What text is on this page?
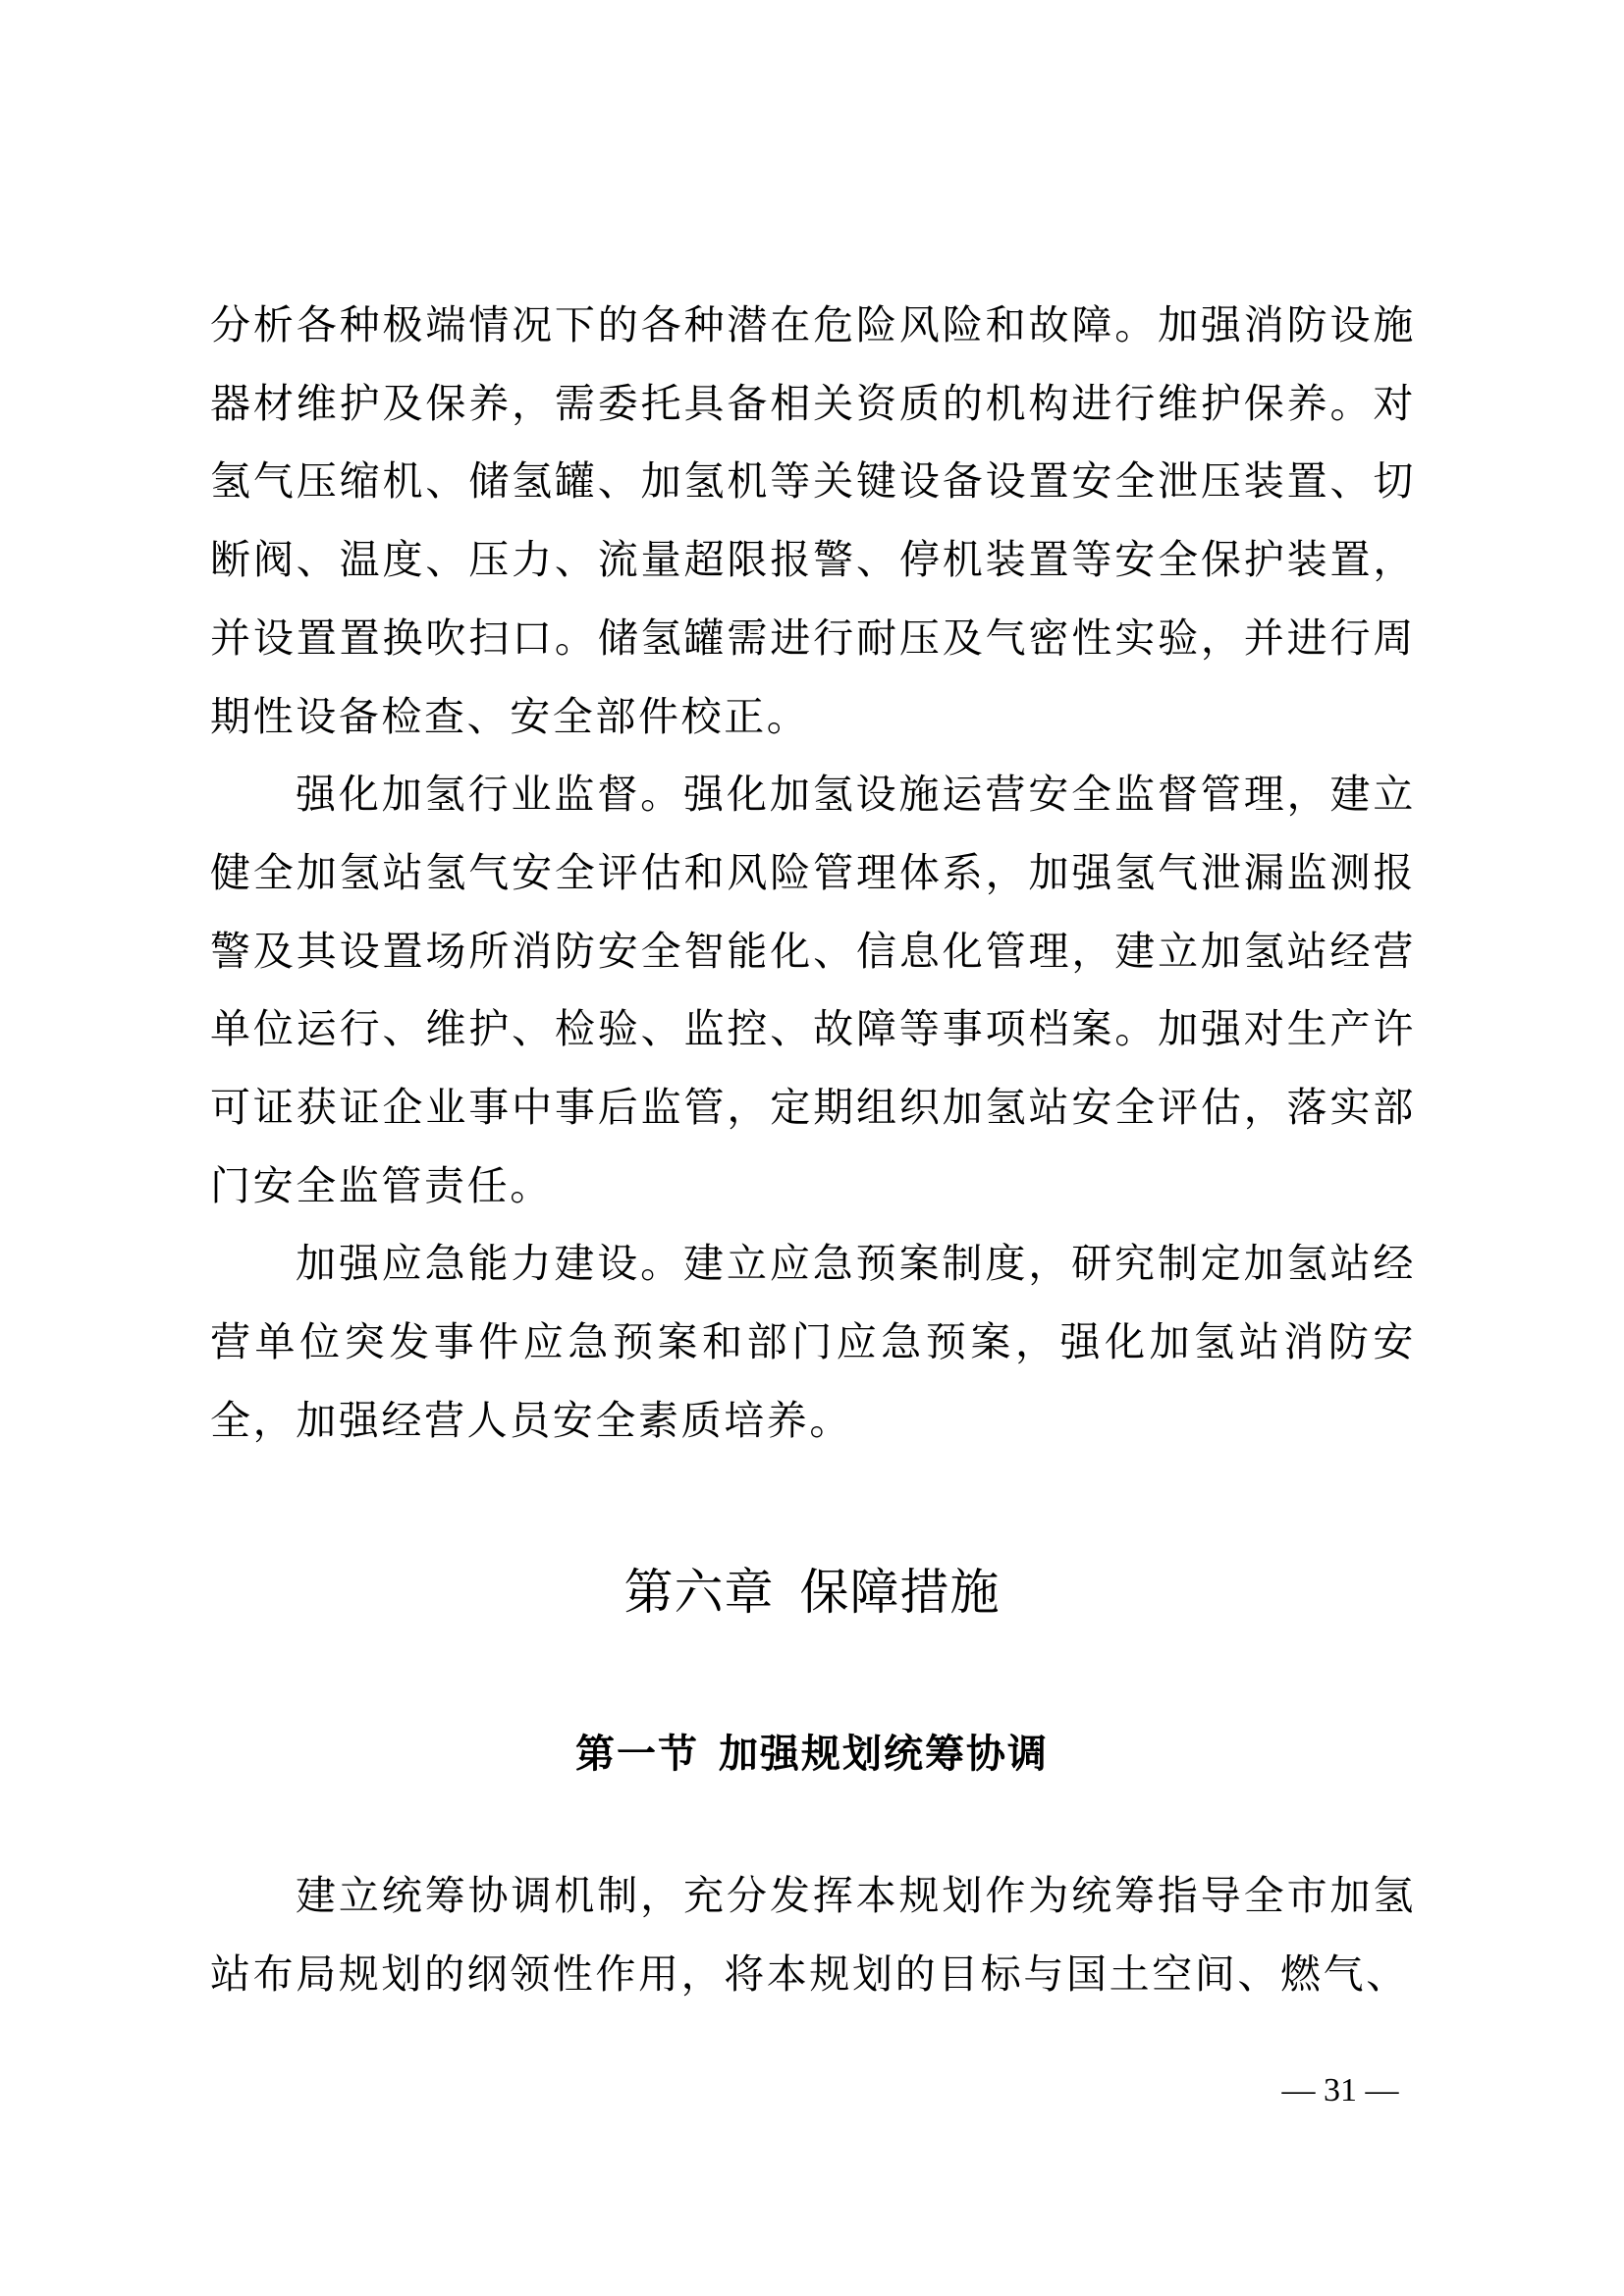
分析各种极端情况下的各种潜在危险风险和故障。加强消防设施器材维护及保养，需委托具备相关资质的机构进行维护保养。对氢气压缩机、储氢罐、加氢机等关键设备设置安全泄压装置、切断阀、温度、压力、流量超限报警、停机装置等安全保护装置，并设置置换吹扫口。储氢罐需进行耐压及气密性实验，并进行周期性设备检查、安全部件校正。

强化加氢行业监督。强化加氢设施运营安全监督管理，建立健全加氢站氢气安全评估和风险管理体系，加强氢气泄漏监测报警及其设置场所消防安全智能化、信息化管理，建立加氢站经营单位运行、维护、检验、监控、故障等事项档案。加强对生产许可证获证企业事中事后监管，定期组织加氢站安全评估，落实部门安全监管责任。

加强应急能力建设。建立应急预案制度，研究制定加氢站经营单位突发事件应急预案和部门应急预案，强化加氢站消防安全，加强经营人员安全素质培养。

第六章 保障措施
第一节 加强规划统筹协调

建立统筹协调机制，充分发挥本规划作为统筹指导全市加氢站布局规划的纲领性作用，将本规划的目标与国土空间、燃气、

— 31 —
